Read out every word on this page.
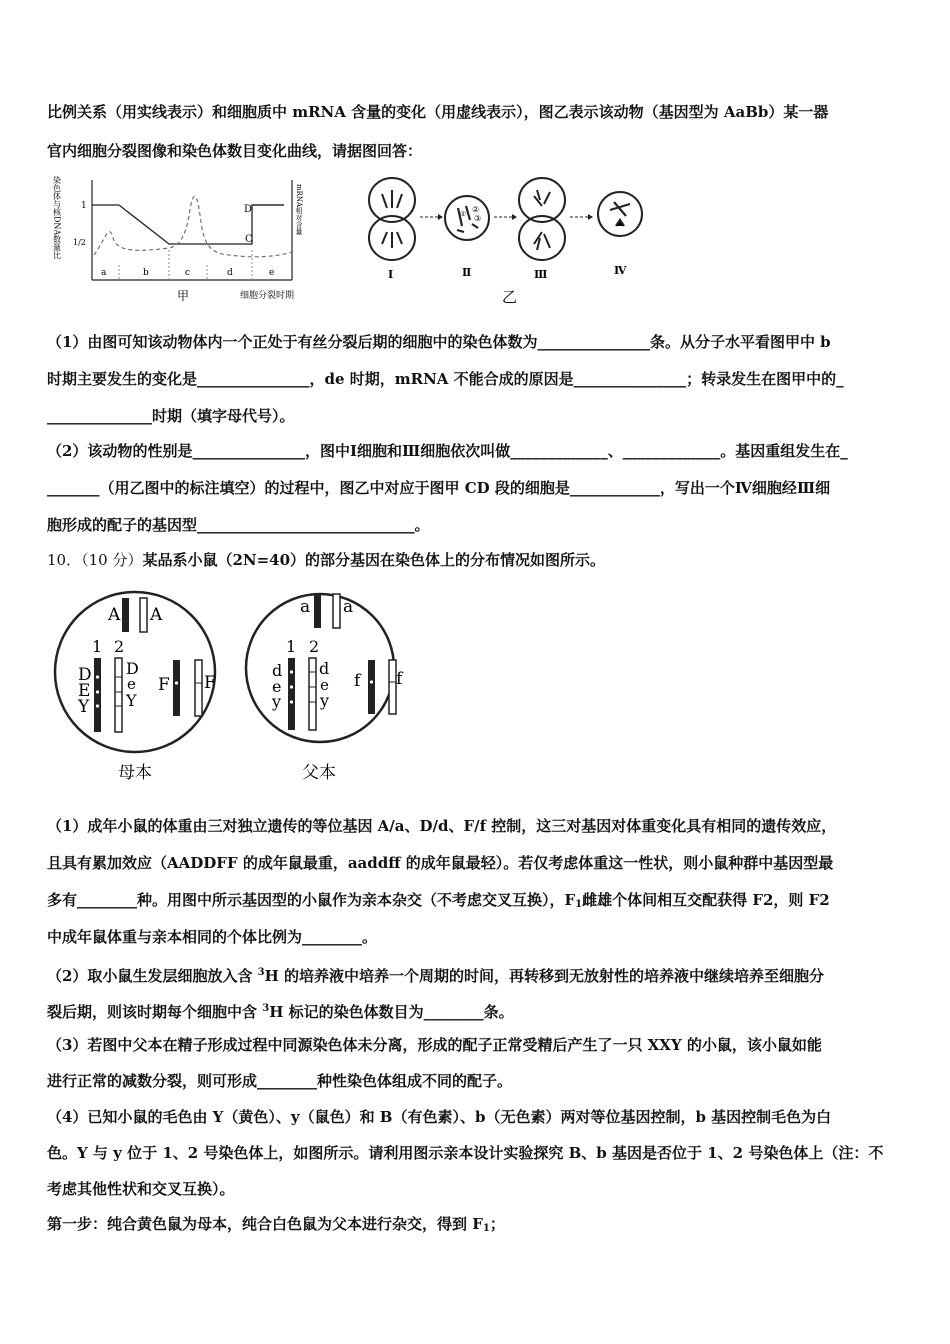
比例关系（用实线表示）和细胞质中 mRNA 含量的变化（用虚线表示），图乙表示该动物（基因型为 AaBb）某一器
官内细胞分裂图像和染色体数目变化曲线，请据图回答：
染色体与核DNA数量比	mRNA相对含量
1
1/2
a	b	c	d	e
C
D
甲	细胞分裂时期
Ⅰ
②
③
①
Ⅱ	Ⅲ	Ⅳ
乙
（1）由图可知该动物体内一个正处于有丝分裂后期的细胞中的染色体数为_______________条。从分子水平看图甲中 b
时期主要发生的变化是_______________，de 时期，mRNA 不能合成的原因是_______________；转录发生在图甲中的_
______________时期（填字母代号）。
（2）该动物的性别是_______________，图中Ⅰ细胞和Ⅲ细胞依次叫做_____________、_____________。基因重组发生在_
_______（用乙图中的标注填空）的过程中，图乙中对应于图甲 CD 段的细胞是____________，写出一个Ⅳ细胞经Ⅲ细
胞形成的配子的基因型_____________________________。
10．（10 分）某品系小鼠（2N=40）的部分基因在染色体上的分布情况如图所示。
A A
1 2
D
E
Y
D
e
Y
F F
母本
a a
1 2
d
e
y
d
e
y
f f
父本
（1）成年小鼠的体重由三对独立遗传的等位基因 A/a、D/d、F/f 控制，这三对基因对体重变化具有相同的遗传效应，
且具有累加效应（AADDFF 的成年鼠最重，aaddff 的成年鼠最轻）。若仅考虑体重这一性状，则小鼠种群中基因型最
多有________种。用图中所示基因型的小鼠作为亲本杂交（不考虑交叉互换），$F_1$雌雄个体间相互交配获得 F2，则 F2
中成年鼠体重与亲本相同的个体比例为________。
（2）取小鼠生发层细胞放入含 $^3$H 的培养液中培养一个周期的时间，再转移到无放射性的培养液中继续培养至细胞分
裂后期，则该时期每个细胞中含 $^3$H 标记的染色体数目为________条。
（3）若图中父本在精子形成过程中同源染色体未分离，形成的配子正常受精后产生了一只 XXY 的小鼠，该小鼠如能
进行正常的减数分裂，则可形成________种性染色体组成不同的配子。
（4）已知小鼠的毛色由 Y（黄色）、y（鼠色）和 B（有色素）、b（无色素）两对等位基因控制，b 基因控制毛色为白
色。Y 与 y 位于 1、2 号染色体上，如图所示。请利用图示亲本设计实验探究 B、b 基因是否位于 1、2 号染色体上（注：不
考虑其他性状和交叉互换）。
第一步：纯合黄色鼠为母本，纯合白色鼠为父本进行杂交，得到 $F_1$；
